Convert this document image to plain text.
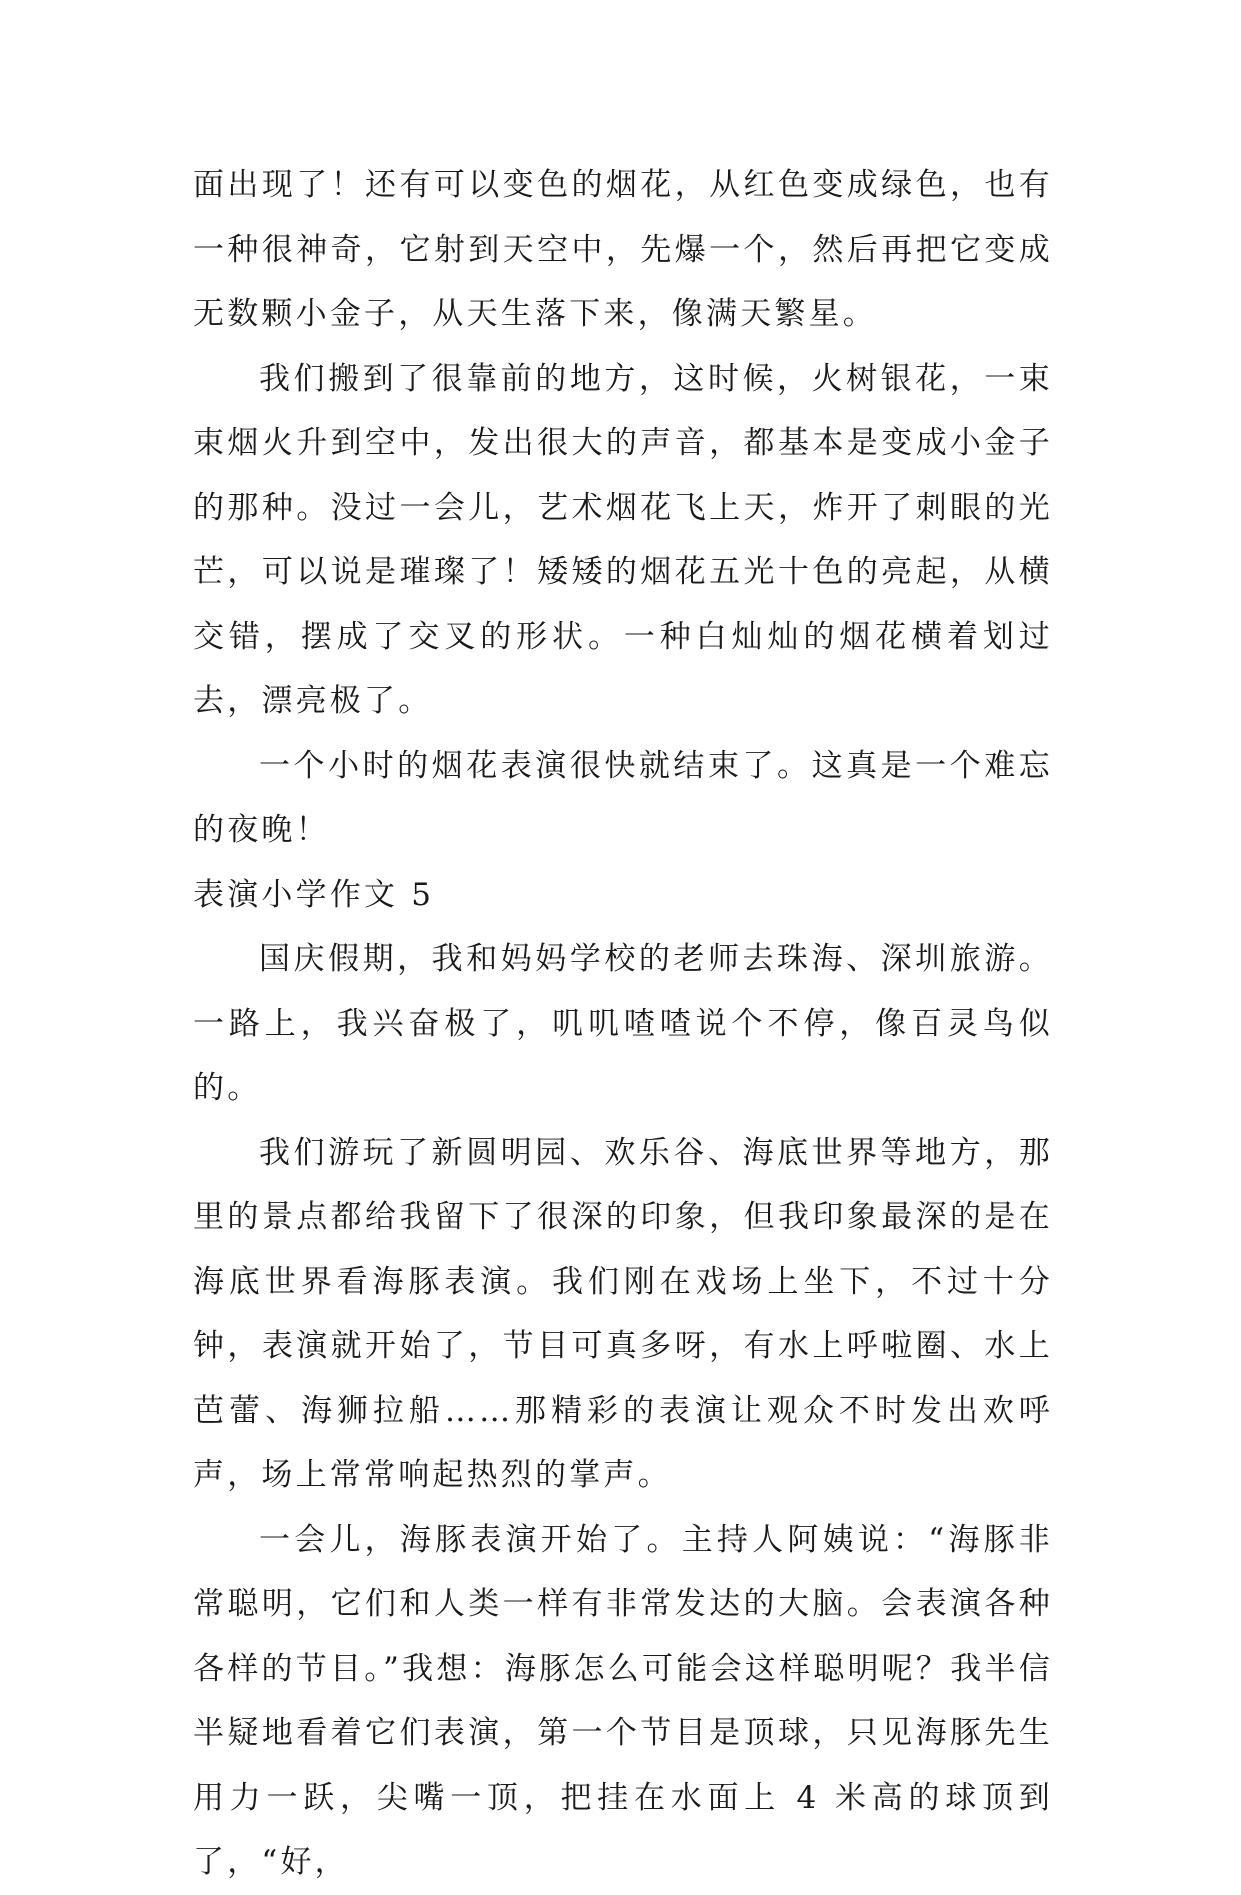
面出现了！还有可以变色的烟花，从红色变成绿色，也有一种很神奇，它射到天空中，先爆一个，然后再把它变成无数颗小金子，从天生落下来，像满天繁星。

我们搬到了很靠前的地方，这时候，火树银花，一束束烟火升到空中，发出很大的声音，都基本是变成小金子的那种。没过一会儿，艺术烟花飞上天，炸开了刺眼的光芒，可以说是璀璨了！矮矮的烟花五光十色的亮起，从横交错，摆成了交叉的形状。一种白灿灿的烟花横着划过去，漂亮极了。

一个小时的烟花表演很快就结束了。这真是一个难忘的夜晚！

表演小学作文 5

国庆假期，我和妈妈学校的老师去珠海、深圳旅游。一路上，我兴奋极了，叽叽喳喳说个不停，像百灵鸟似的。

我们游玩了新圆明园、欢乐谷、海底世界等地方，那里的景点都给我留下了很深的印象，但我印象最深的是在海底世界看海豚表演。我们刚在戏场上坐下，不过十分钟，表演就开始了，节目可真多呀，有水上呼啦圈、水上芭蕾、海狮拉船……那精彩的表演让观众不时发出欢呼声，场上常常响起热烈的掌声。

一会儿，海豚表演开始了。主持人阿姨说：“海豚非常聪明，它们和人类一样有非常发达的大脑。会表演各种各样的节目。”我想：海豚怎么可能会这样聪明呢？我半信半疑地看着它们表演，第一个节目是顶球，只见海豚先生用力一跃，尖嘴一顶，把挂在水面上 4 米高的球顶到了，“好，
